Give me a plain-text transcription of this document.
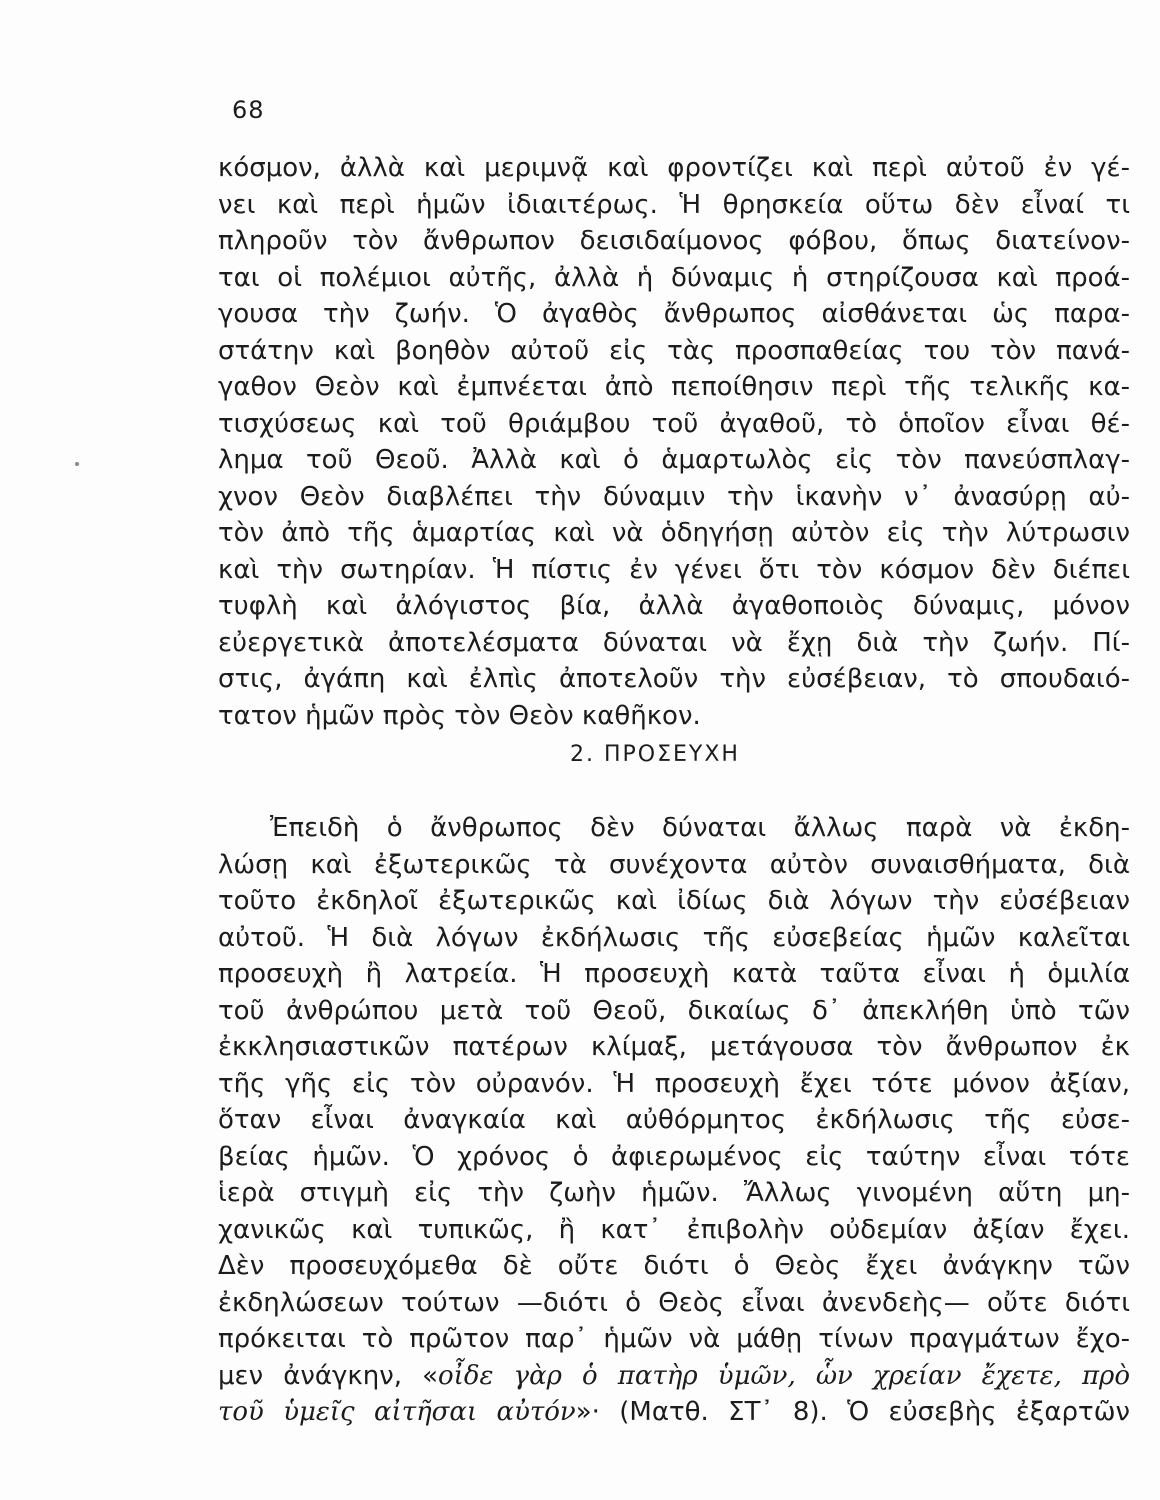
68
κόσμον, ἀλλὰ καὶ μεριμνᾷ καὶ φροντίζει καὶ περὶ αὐτοῦ ἐν γέ-
νει καὶ περὶ ἡμῶν ἰδιαιτέρως. Ἡ θρησκεία οὕτω δὲν εἶναί τι
πληροῦν τὸν ἄνθρωπον δεισιδαίμονος φόβου, ὅπως διατείνον-
ται οἱ πολέμιοι αὐτῆς, ἀλλὰ ἡ δύναμις ἡ στηρίζουσα καὶ προά-
γουσα τὴν ζωήν. Ὁ ἀγαθὸς ἄνθρωπος αἰσθάνεται ὡς παρα-
στάτην καὶ βοηθὸν αὐτοῦ εἰς τὰς προσπαθείας του τὸν πανά-
γαθον Θεὸν καὶ ἐμπνέεται ἀπὸ πεποίθησιν περὶ τῆς τελικῆς κα-
τισχύσεως καὶ τοῦ θριάμβου τοῦ ἀγαθοῦ, τὸ ὁποῖον εἶναι θέ-
λημα τοῦ Θεοῦ. Ἀλλὰ καὶ ὁ ἁμαρτωλὸς εἰς τὸν πανεύσπλαγ-
χνον Θεὸν διαβλέπει τὴν δύναμιν τὴν ἱκανὴν ν᾽ ἀνασύρῃ αὐ-
τὸν ἀπὸ τῆς ἁμαρτίας καὶ νὰ ὁδηγήσῃ αὐτὸν εἰς τὴν λύτρωσιν
καὶ τὴν σωτηρίαν. Ἡ πίστις ἐν γένει ὅτι τὸν κόσμον δὲν διέπει
τυφλὴ καὶ ἀλόγιστος βία, ἀλλὰ ἀγαθοποιὸς δύναμις, μόνον
εὐεργετικὰ ἀποτελέσματα δύναται νὰ ἔχῃ διὰ τὴν ζωήν. Πί-
στις, ἀγάπη καὶ ἐλπὶς ἀποτελοῦν τὴν εὐσέβειαν, τὸ σπουδαιό-
τατον ἡμῶν πρὸς τὸν Θεὸν καθῆκον.
2. ΠΡΟΣΕΥΧΗ
Ἐπειδὴ ὁ ἄνθρωπος δὲν δύναται ἄλλως παρὰ νὰ ἐκδη-
λώσῃ καὶ ἐξωτερικῶς τὰ συνέχοντα αὐτὸν συναισθήματα, διὰ
τοῦτο ἐκδηλοῖ ἐξωτερικῶς καὶ ἰδίως διὰ λόγων τὴν εὐσέβειαν
αὐτοῦ. Ἡ διὰ λόγων ἐκδήλωσις τῆς εὐσεβείας ἡμῶν καλεῖται
προσευχὴ ἢ λατρεία. Ἡ προσευχὴ κατὰ ταῦτα εἶναι ἡ ὁμιλία
τοῦ ἀνθρώπου μετὰ τοῦ Θεοῦ, δικαίως δ᾽ ἀπεκλήθη ὑπὸ τῶν
ἐκκλησιαστικῶν πατέρων κλίμαξ, μετάγουσα τὸν ἄνθρωπον ἐκ
τῆς γῆς εἰς τὸν οὐρανόν. Ἡ προσευχὴ ἔχει τότε μόνον ἀξίαν,
ὅταν εἶναι ἀναγκαία καὶ αὐθόρμητος ἐκδήλωσις τῆς εὐσε-
βείας ἡμῶν. Ὁ χρόνος ὁ ἀφιερωμένος εἰς ταύτην εἶναι τότε
ἱερὰ στιγμὴ εἰς τὴν ζωὴν ἡμῶν. Ἄλλως γινομένη αὕτη μη-
χανικῶς καὶ τυπικῶς, ἢ κατ᾽ ἐπιβολὴν οὐδεμίαν ἀξίαν ἔχει.
Δὲν προσευχόμεθα δὲ οὔτε διότι ὁ Θεὸς ἔχει ἀνάγκην τῶν
ἐκδηλώσεων τούτων —διότι ὁ Θεὸς εἶναι ἀνενδεὴς— οὔτε διότι
πρόκειται τὸ πρῶτον παρ᾽ ἡμῶν νὰ μάθῃ τίνων πραγμάτων ἔχο-
μεν ἀνάγκην, «οἶδε γὰρ ὁ πατὴρ ὑμῶν, ὧν χρείαν ἔχετε, πρὸ
τοῦ ὑμεῖς αἰτῆσαι αὐτόν»· (Ματθ. ΣΤ᾽ 8). Ὁ εὐσεβὴς ἐξαρτῶν
